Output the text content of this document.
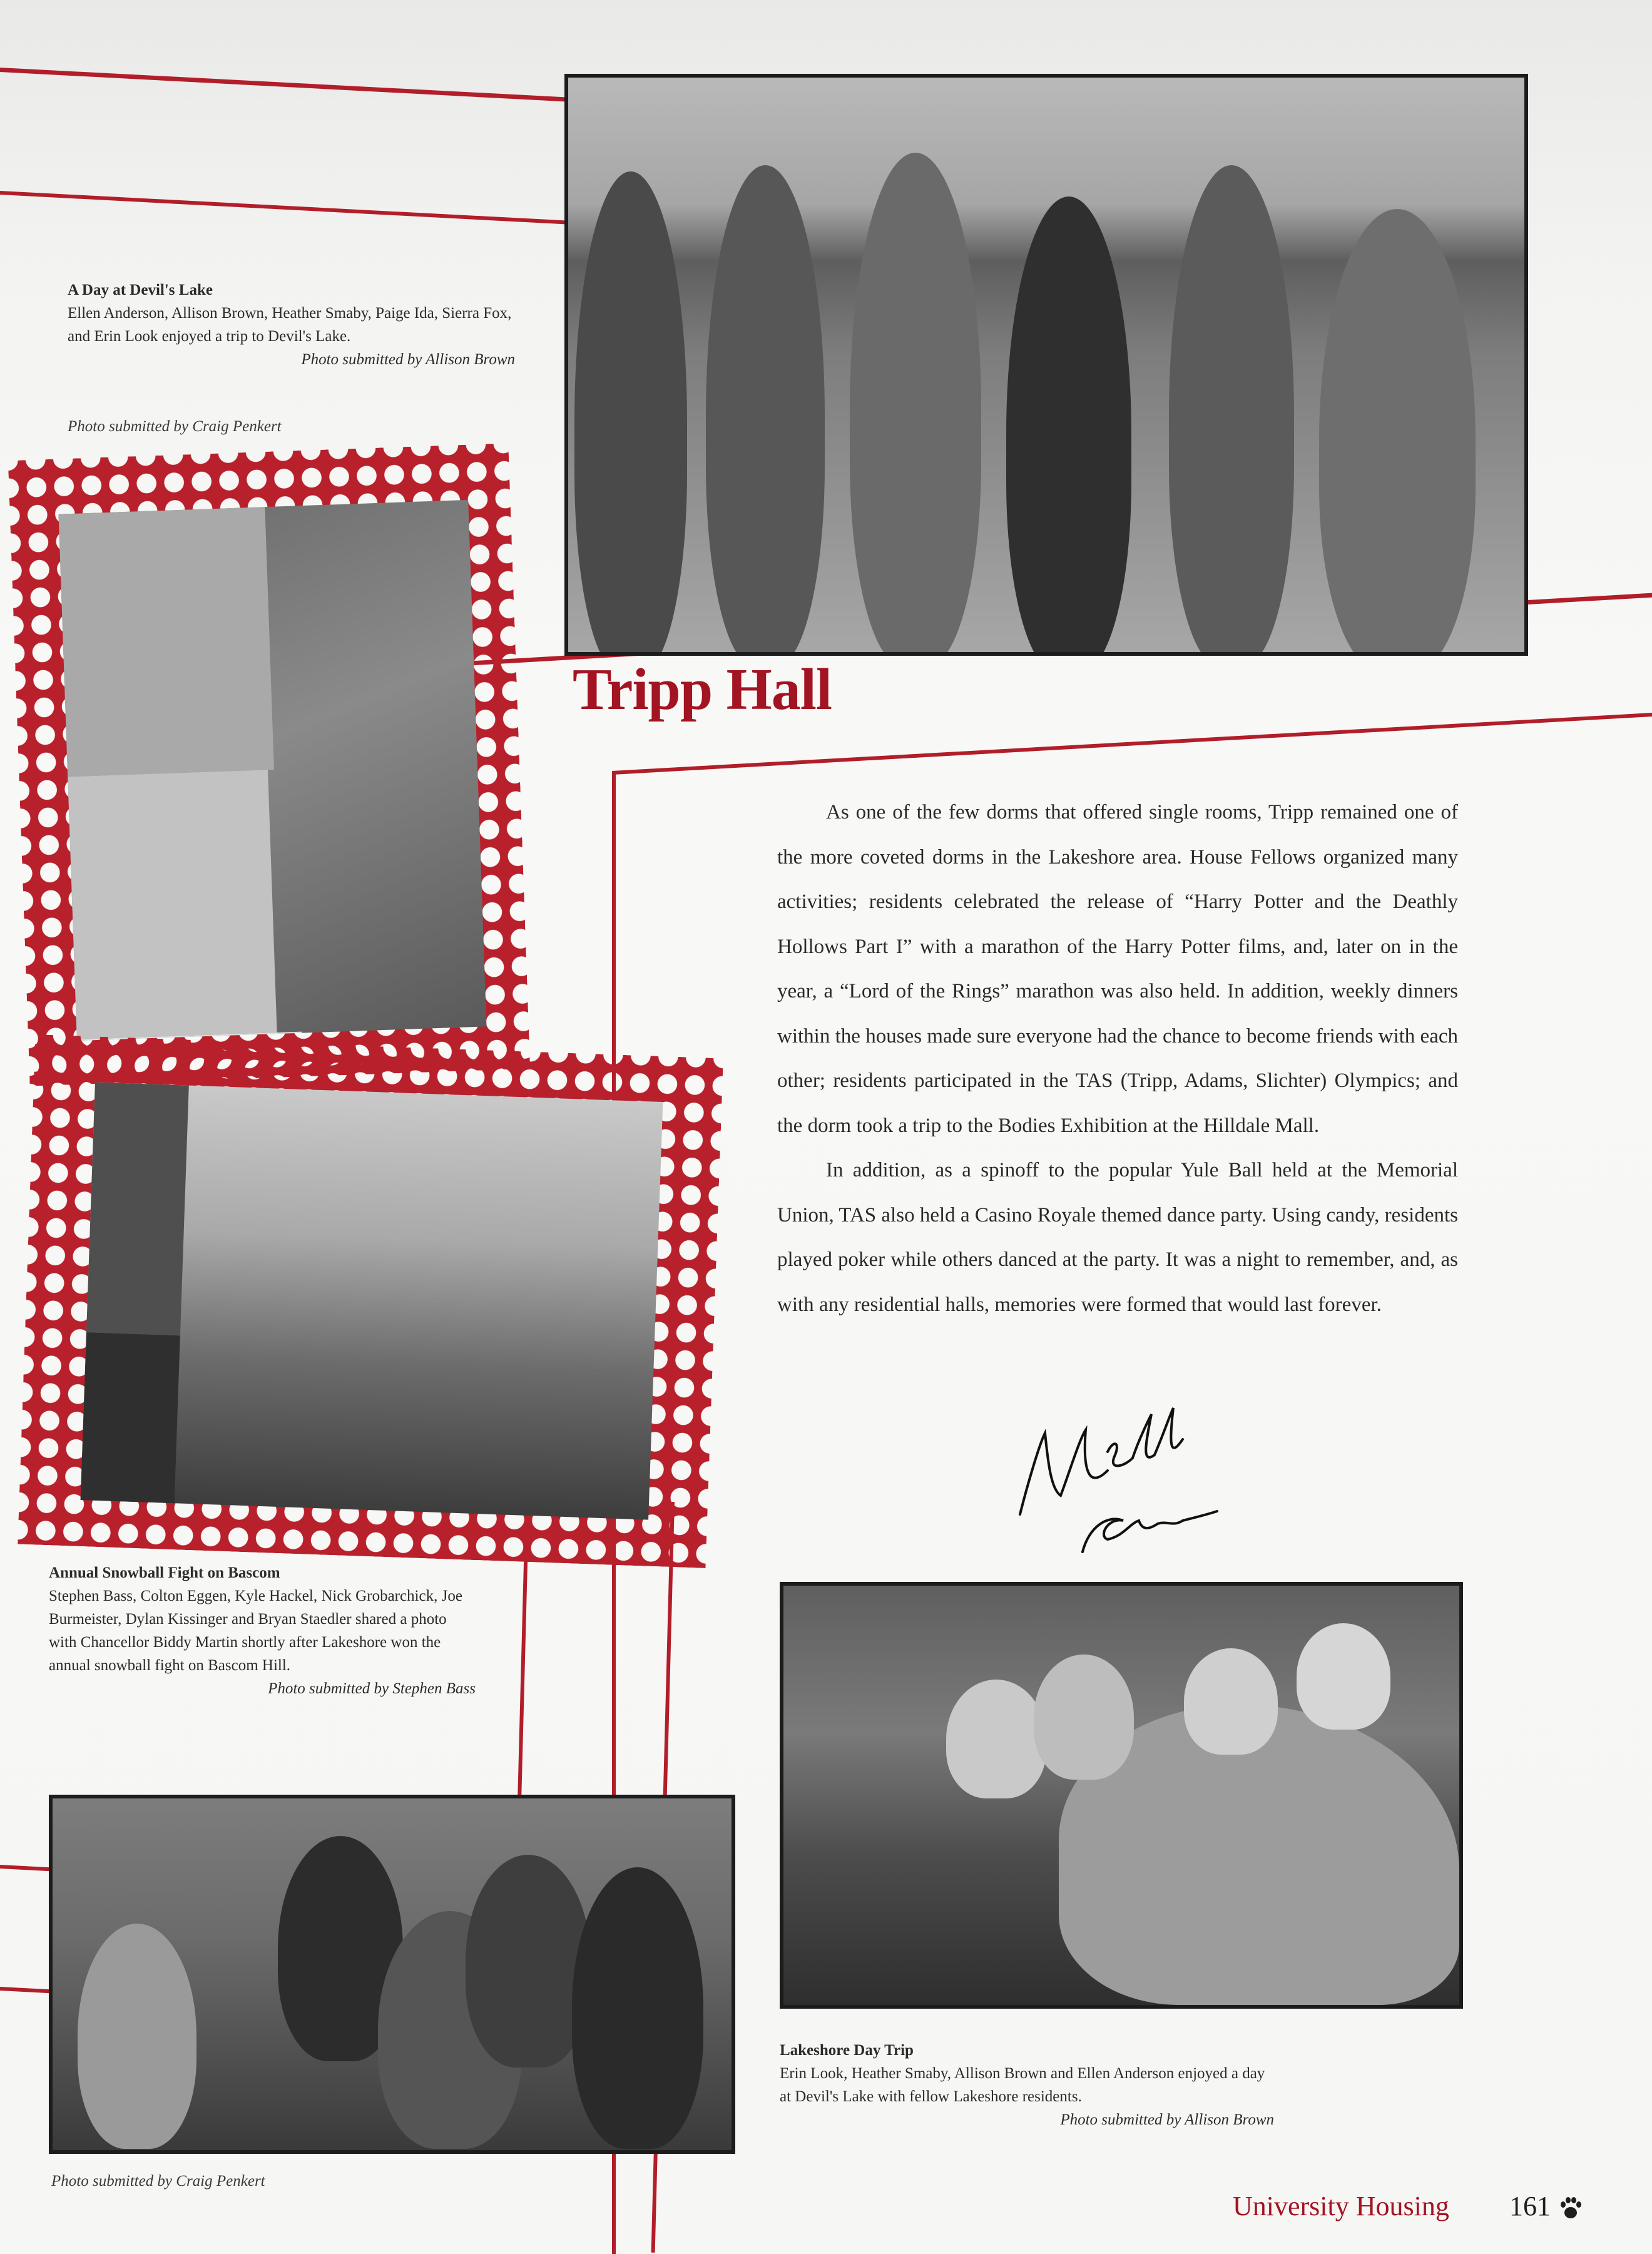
A Day at Devil's Lake
Ellen Anderson, Allison Brown, Heather Smaby, Paige Ida, Sierra Fox, and Erin Look enjoyed a trip to Devil's Lake.
Photo submitted by Allison Brown
Photo submitted by Craig Penkert
Annual Snowball Fight on Bascom
Stephen Bass, Colton Eggen, Kyle Hackel, Nick Grobarchick, Joe Burmeister, Dylan Kissinger and Bryan Staedler shared a photo with Chancellor Biddy Martin shortly after Lakeshore won the annual snowball fight on Bascom Hill.
Photo submitted by Stephen Bass
Photo submitted by Craig Penkert
Tripp Hall

As one of the few dorms that offered single rooms, Tripp remained one of the more coveted dorms in the Lakeshore area. House Fellows organized many activities; residents celebrated the release of “Harry Potter and the Deathly Hollows Part I” with a marathon of the Harry Potter films, and, later on in the year, a “Lord of the Rings” marathon was also held. In addition, weekly dinners within the houses made sure everyone had the chance to become friends with each other; residents participated in the TAS (Tripp, Adams, Slichter) Olympics; and the dorm took a trip to the Bodies Exhibition at the Hilldale Mall.

In addition, as a spinoff to the popular Yule Ball held at the Memorial Union, TAS also held a Casino Royale themed dance party. Using candy, residents played poker while others danced at the party. It was a night to remember, and, as with any residential halls, memories were formed that would last forever.

Lakeshore Day Trip
Erin Look, Heather Smaby, Allison Brown and Ellen Anderson enjoyed a day at Devil's Lake with fellow Lakeshore residents.
Photo submitted by Allison Brown
University Housing 161
